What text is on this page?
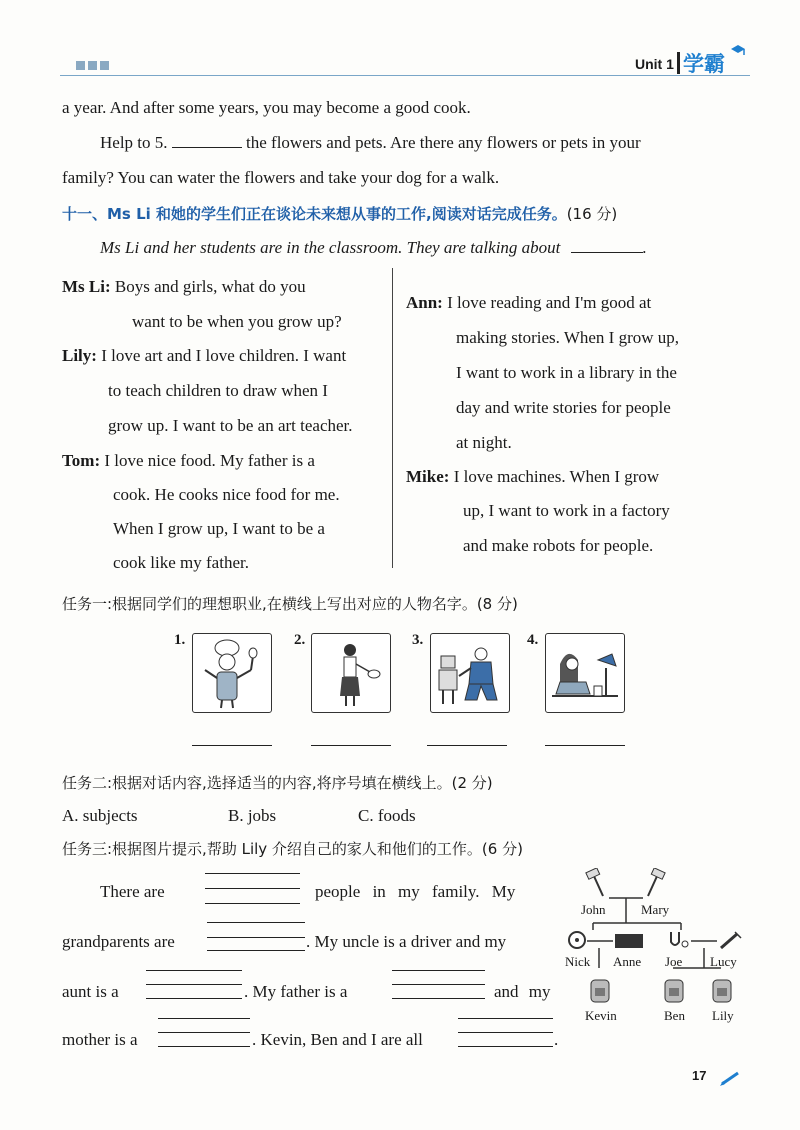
Unit 1 学霸
a year. And after some years, you may become a good cook.
Help to 5.	the flowers and pets. Are there any flowers or pets in your
family? You can water the flowers and take your dog for a walk.
十一、Ms Li 和她的学生们正在谈论未来想从事的工作,阅读对话完成任务。(16 分)
Ms Li and her students are in the classroom. They are talking about	.
Ms Li: Boys and girls, what do you
want to be when you grow up?
Lily: I love art and I love children. I want
to teach children to draw when I
grow up. I want to be an art teacher.
Tom: I love nice food. My father is a
cook. He cooks nice food for me.
When I grow up, I want to be a
cook like my father.
Ann: I love reading and I'm good at
making stories. When I grow up,
I want to work in a library in the
day and write stories for people
at night.
Mike: I love machines. When I grow
up, I want to work in a factory
and make robots for people.
任务一:根据同学们的理想职业,在横线上写出对应的人物名字。(8 分)
1.	2.	3.	4.
任务二:根据对话内容,选择适当的内容,将序号填在横线上。(2 分)
A. subjects	B. jobs	C. foods
任务三:根据图片提示,帮助 Lily 介绍自己的家人和他们的工作。(6 分)
There are	people in my family. My
grandparents are	. My uncle is a driver and my
aunt is a	. My father is a	and my
mother is a	. Kevin, Ben and I are all	.
John	Mary
Nick Anne Joe Lucy
Kevin	Ben Lily
17
